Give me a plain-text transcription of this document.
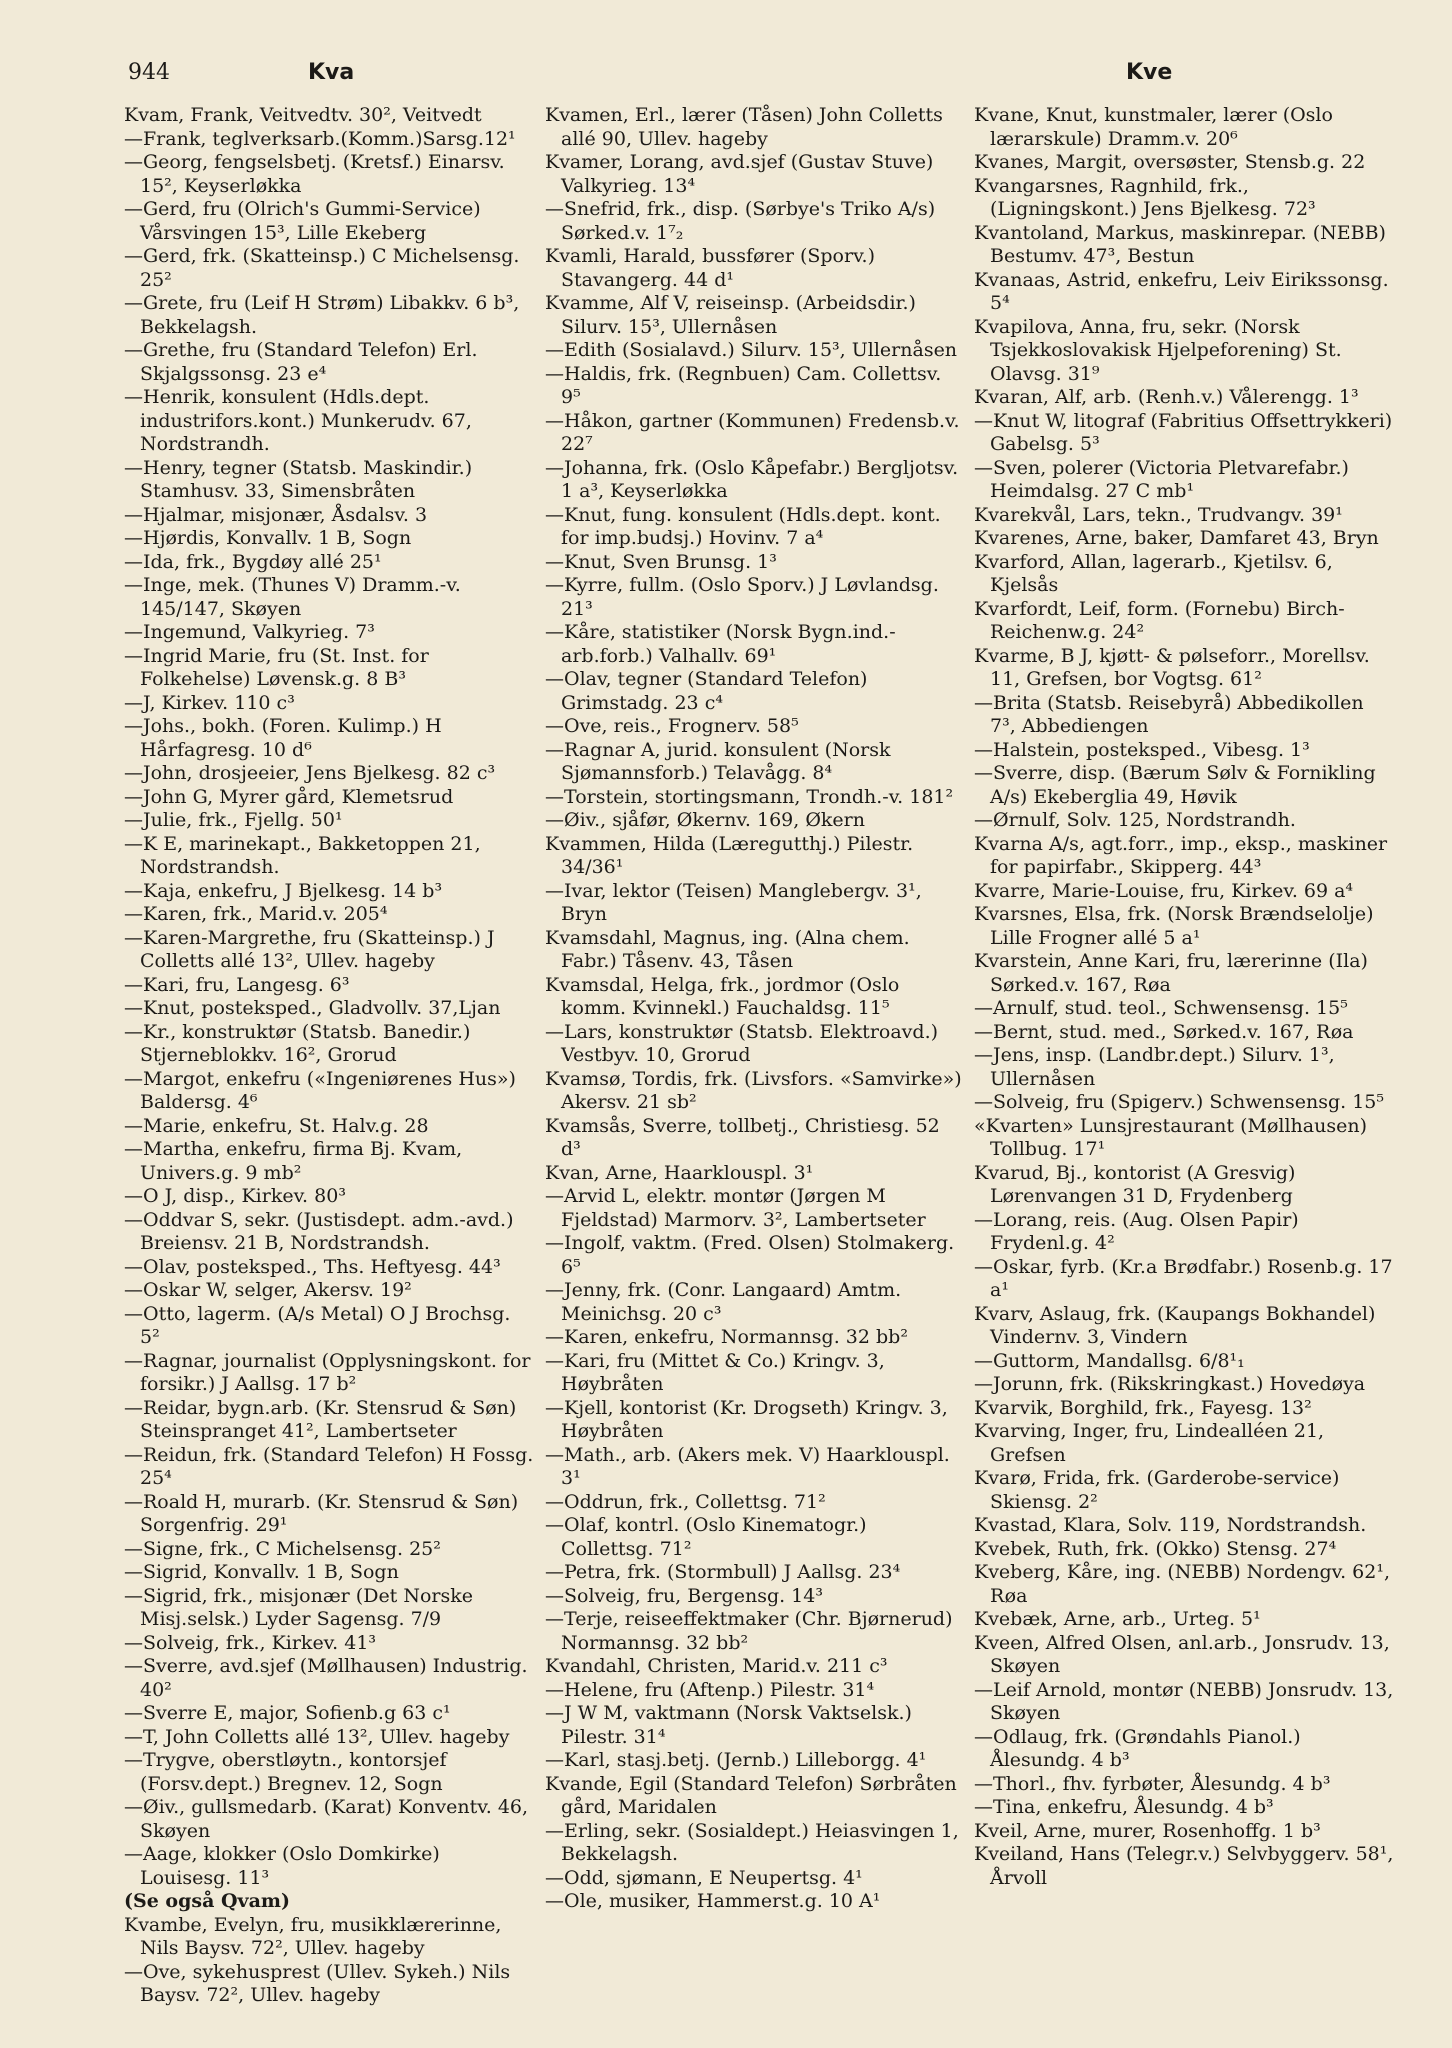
944	Kva	Kve

Kvam, Frank, Veitvedtv. 30², Veitvedt

—Frank, teglverksarb.(Komm.)Sarsg.12¹

—Georg, fengselsbetj. (Kretsf.) Einarsv. 15², Keyserløkka

—Gerd, fru (Olrich's Gummi-Service) Vårsvingen 15³, Lille Ekeberg

—Gerd, frk. (Skatteinsp.) C Michelsensg. 25²

—Grete, fru (Leif H Strøm) Libakkv. 6 b³, Bekkelagsh.

—Grethe, fru (Standard Telefon) Erl. Skjalgssonsg. 23 e⁴

—Henrik, konsulent (Hdls.dept. industrifors.kont.) Munkerudv. 67, Nordstrandh.

—Henry, tegner (Statsb. Maskindir.) Stamhusv. 33, Simensbråten

—Hjalmar, misjonær, Åsdalsv. 3

—Hjørdis, Konvallv. 1 B, Sogn

—Ida, frk., Bygdøy allé 25¹

—Inge, mek. (Thunes V) Dramm.-v. 145/147, Skøyen

—Ingemund, Valkyrieg. 7³

—Ingrid Marie, fru (St. Inst. for Folkehelse) Løvensk.g. 8 B³

—J, Kirkev. 110 c³

—Johs., bokh. (Foren. Kulimp.) H Hårfagresg. 10 d⁶

—John, drosjeeier, Jens Bjelkesg. 82 c³

—John G, Myrer gård, Klemetsrud

—Julie, frk., Fjellg. 50¹

—K E, marinekapt., Bakketoppen 21, Nordstrandsh.

—Kaja, enkefru, J Bjelkesg. 14 b³

—Karen, frk., Marid.v. 205⁴

—Karen-Margrethe, fru (Skatteinsp.) J Colletts allé 13², Ullev. hageby

—Kari, fru, Langesg. 6³

—Knut, posteksped., Gladvollv. 37,Ljan

—Kr., konstruktør (Statsb. Banedir.) Stjerneblokkv. 16², Grorud

—Margot, enkefru («Ingeniørenes Hus») Baldersg. 4⁶

—Marie, enkefru, St. Halv.g. 28

—Martha, enkefru, firma Bj. Kvam, Univers.g. 9 mb²

—O J, disp., Kirkev. 80³

—Oddvar S, sekr. (Justisdept. adm.-avd.) Breiensv. 21 B, Nordstrandsh.

—Olav, posteksped., Ths. Heftyesg. 44³

—Oskar W, selger, Akersv. 19²

—Otto, lagerm. (A/s Metal) O J Brochsg. 5²

—Ragnar, journalist (Opplysningskont. for forsikr.) J Aallsg. 17 b²

—Reidar, bygn.arb. (Kr. Stensrud & Søn) Steinspranget 41², Lambertseter

—Reidun, frk. (Standard Telefon) H Fossg. 25⁴

—Roald H, murarb. (Kr. Stensrud & Søn) Sorgenfrig. 29¹

—Signe, frk., C Michelsensg. 25²

—Sigrid, Konvallv. 1 B, Sogn

—Sigrid, frk., misjonær (Det Norske Misj.selsk.) Lyder Sagensg. 7/9

—Solveig, frk., Kirkev. 41³

—Sverre, avd.sjef (Møllhausen) Industrig. 40²

—Sverre E, major, Sofienb.g 63 c¹

—T, John Colletts allé 13², Ullev. hageby

—Trygve, oberstløytn., kontorsjef (Forsv.dept.) Bregnev. 12, Sogn

—Øiv., gullsmedarb. (Karat) Konventv. 46, Skøyen

—Aage, klokker (Oslo Domkirke) Louisesg. 11³

(Se også Qvam)

Kvambe, Evelyn, fru, musikklærerinne, Nils Baysv. 72², Ullev. hageby

—Ove, sykehusprest (Ullev. Sykeh.) Nils Baysv. 72², Ullev. hageby

Kvamen, Erl., lærer (Tåsen) John Colletts allé 90, Ullev. hageby

Kvamer, Lorang, avd.sjef (Gustav Stuve) Valkyrieg. 13⁴

—Snefrid, frk., disp. (Sørbye's Triko A/s) Sørked.v. 1⁷₂

Kvamli, Harald, bussfører (Sporv.) Stavangerg. 44 d¹

Kvamme, Alf V, reiseinsp. (Arbeidsdir.) Silurv. 15³, Ullernåsen

—Edith (Sosialavd.) Silurv. 15³, Ullernåsen

—Haldis, frk. (Regnbuen) Cam. Collettsv. 9⁵

—Håkon, gartner (Kommunen) Fredensb.v. 22⁷

—Johanna, frk. (Oslo Kåpefabr.) Bergljotsv. 1 a³, Keyserløkka

—Knut, fung. konsulent (Hdls.dept. kont. for imp.budsj.) Hovinv. 7 a⁴

—Knut, Sven Brunsg. 1³

—Kyrre, fullm. (Oslo Sporv.) J Løvlandsg. 21³

—Kåre, statistiker (Norsk Bygn.ind.-arb.forb.) Valhallv. 69¹

—Olav, tegner (Standard Telefon) Grimstadg. 23 c⁴

—Ove, reis., Frognerv. 58⁵

—Ragnar A, jurid. konsulent (Norsk Sjømannsforb.) Telavågg. 8⁴

—Torstein, stortingsmann, Trondh.-v. 181²

—Øiv., sjåfør, Økernv. 169, Økern

Kvammen, Hilda (Læregutthj.) Pilestr. 34/36¹

—Ivar, lektor (Teisen) Manglebergv. 3¹, Bryn

Kvamsdahl, Magnus, ing. (Alna chem. Fabr.) Tåsenv. 43, Tåsen

Kvamsdal, Helga, frk., jordmor (Oslo komm. Kvinnekl.) Fauchaldsg. 11⁵

—Lars, konstruktør (Statsb. Elektroavd.) Vestbyv. 10, Grorud

Kvamsø, Tordis, frk. (Livsfors. «Samvirke») Akersv. 21 sb²

Kvamsås, Sverre, tollbetj., Christiesg. 52 d³

Kvan, Arne, Haarklouspl. 3¹

—Arvid L, elektr. montør (Jørgen M Fjeldstad) Marmorv. 3², Lambertseter

—Ingolf, vaktm. (Fred. Olsen) Stolmakerg. 6⁵

—Jenny, frk. (Conr. Langaard) Amtm. Meinichsg. 20 c³

—Karen, enkefru, Normannsg. 32 bb²

—Kari, fru (Mittet & Co.) Kringv. 3, Høybråten

—Kjell, kontorist (Kr. Drogseth) Kringv. 3, Høybråten

—Math., arb. (Akers mek. V) Haarklouspl. 3¹

—Oddrun, frk., Collettsg. 71²

—Olaf, kontrl. (Oslo Kinematogr.) Collettsg. 71²

—Petra, frk. (Stormbull) J Aallsg. 23⁴

—Solveig, fru, Bergensg. 14³

—Terje, reiseeffektmaker (Chr. Bjørnerud) Normannsg. 32 bb²

Kvandahl, Christen, Marid.v. 211 c³

—Helene, fru (Aftenp.) Pilestr. 31⁴

—J W M, vaktmann (Norsk Vaktselsk.) Pilestr. 31⁴

—Karl, stasj.betj. (Jernb.) Lilleborgg. 4¹

Kvande, Egil (Standard Telefon) Sørbråten gård, Maridalen

—Erling, sekr. (Sosialdept.) Heiasvingen 1, Bekkelagsh.

—Odd, sjømann, E Neupertsg. 4¹

—Ole, musiker, Hammerst.g. 10 A¹

Kvane, Knut, kunstmaler, lærer (Oslo lærarskule) Dramm.v. 20⁶

Kvanes, Margit, oversøster, Stensb.g. 22

Kvangarsnes, Ragnhild, frk., (Ligningskont.) Jens Bjelkesg. 72³

Kvantoland, Markus, maskinrepar. (NEBB) Bestumv. 47³, Bestun

Kvanaas, Astrid, enkefru, Leiv Eirikssonsg. 5⁴

Kvapilova, Anna, fru, sekr. (Norsk Tsjekkoslovakisk Hjelpeforening) St. Olavsg. 31⁹

Kvaran, Alf, arb. (Renh.v.) Vålerengg. 1³

—Knut W, litograf (Fabritius Offsettrykkeri) Gabelsg. 5³

—Sven, polerer (Victoria Pletvarefabr.) Heimdalsg. 27 C mb¹

Kvarekvål, Lars, tekn., Trudvangv. 39¹

Kvarenes, Arne, baker, Damfaret 43, Bryn

Kvarford, Allan, lagerarb., Kjetilsv. 6, Kjelsås

Kvarfordt, Leif, form. (Fornebu) Birch-Reichenw.g. 24²

Kvarme, B J, kjøtt- & pølseforr., Morellsv. 11, Grefsen, bor Vogtsg. 61²

—Brita (Statsb. Reisebyrå) Abbedikollen 7³, Abbediengen

—Halstein, posteksped., Vibesg. 1³

—Sverre, disp. (Bærum Sølv & Fornikling A/s) Ekeberglia 49, Høvik

—Ørnulf, Solv. 125, Nordstrandh.

Kvarna A/s, agt.forr., imp., eksp., maskiner for papirfabr., Skipperg. 44³

Kvarre, Marie-Louise, fru, Kirkev. 69 a⁴

Kvarsnes, Elsa, frk. (Norsk Brændselolje) Lille Frogner allé 5 a¹

Kvarstein, Anne Kari, fru, lærerinne (Ila) Sørked.v. 167, Røa

—Arnulf, stud. teol., Schwensensg. 15⁵

—Bernt, stud. med., Sørked.v. 167, Røa

—Jens, insp. (Landbr.dept.) Silurv. 1³, Ullernåsen

—Solveig, fru (Spigerv.) Schwensensg. 15⁵

«Kvarten» Lunsjrestaurant (Møllhausen) Tollbug. 17¹

Kvarud, Bj., kontorist (A Gresvig) Lørenvangen 31 D, Frydenberg

—Lorang, reis. (Aug. Olsen Papir) Frydenl.g. 4²

—Oskar, fyrb. (Kr.a Brødfabr.) Rosenb.g. 17 a¹

Kvarv, Aslaug, frk. (Kaupangs Bokhandel) Vindernv. 3, Vindern

—Guttorm, Mandallsg. 6/8¹₁

—Jorunn, frk. (Rikskringkast.) Hovedøya

Kvarvik, Borghild, frk., Fayesg. 13²

Kvarving, Inger, fru, Lindealléen 21, Grefsen

Kvarø, Frida, frk. (Garderobe-service) Skiensg. 2²

Kvastad, Klara, Solv. 119, Nordstrandsh.

Kvebek, Ruth, frk. (Okko) Stensg. 27⁴

Kveberg, Kåre, ing. (NEBB) Nordengv. 62¹, Røa

Kvebæk, Arne, arb., Urteg. 5¹

Kveen, Alfred Olsen, anl.arb., Jonsrudv. 13, Skøyen

—Leif Arnold, montør (NEBB) Jonsrudv. 13, Skøyen

—Odlaug, frk. (Grøndahls Pianol.) Ålesundg. 4 b³

—Thorl., fhv. fyrbøter, Ålesundg. 4 b³

—Tina, enkefru, Ålesundg. 4 b³

Kveil, Arne, murer, Rosenhoffg. 1 b³

Kveiland, Hans (Telegr.v.) Selvbyggerv. 58¹, Årvoll
